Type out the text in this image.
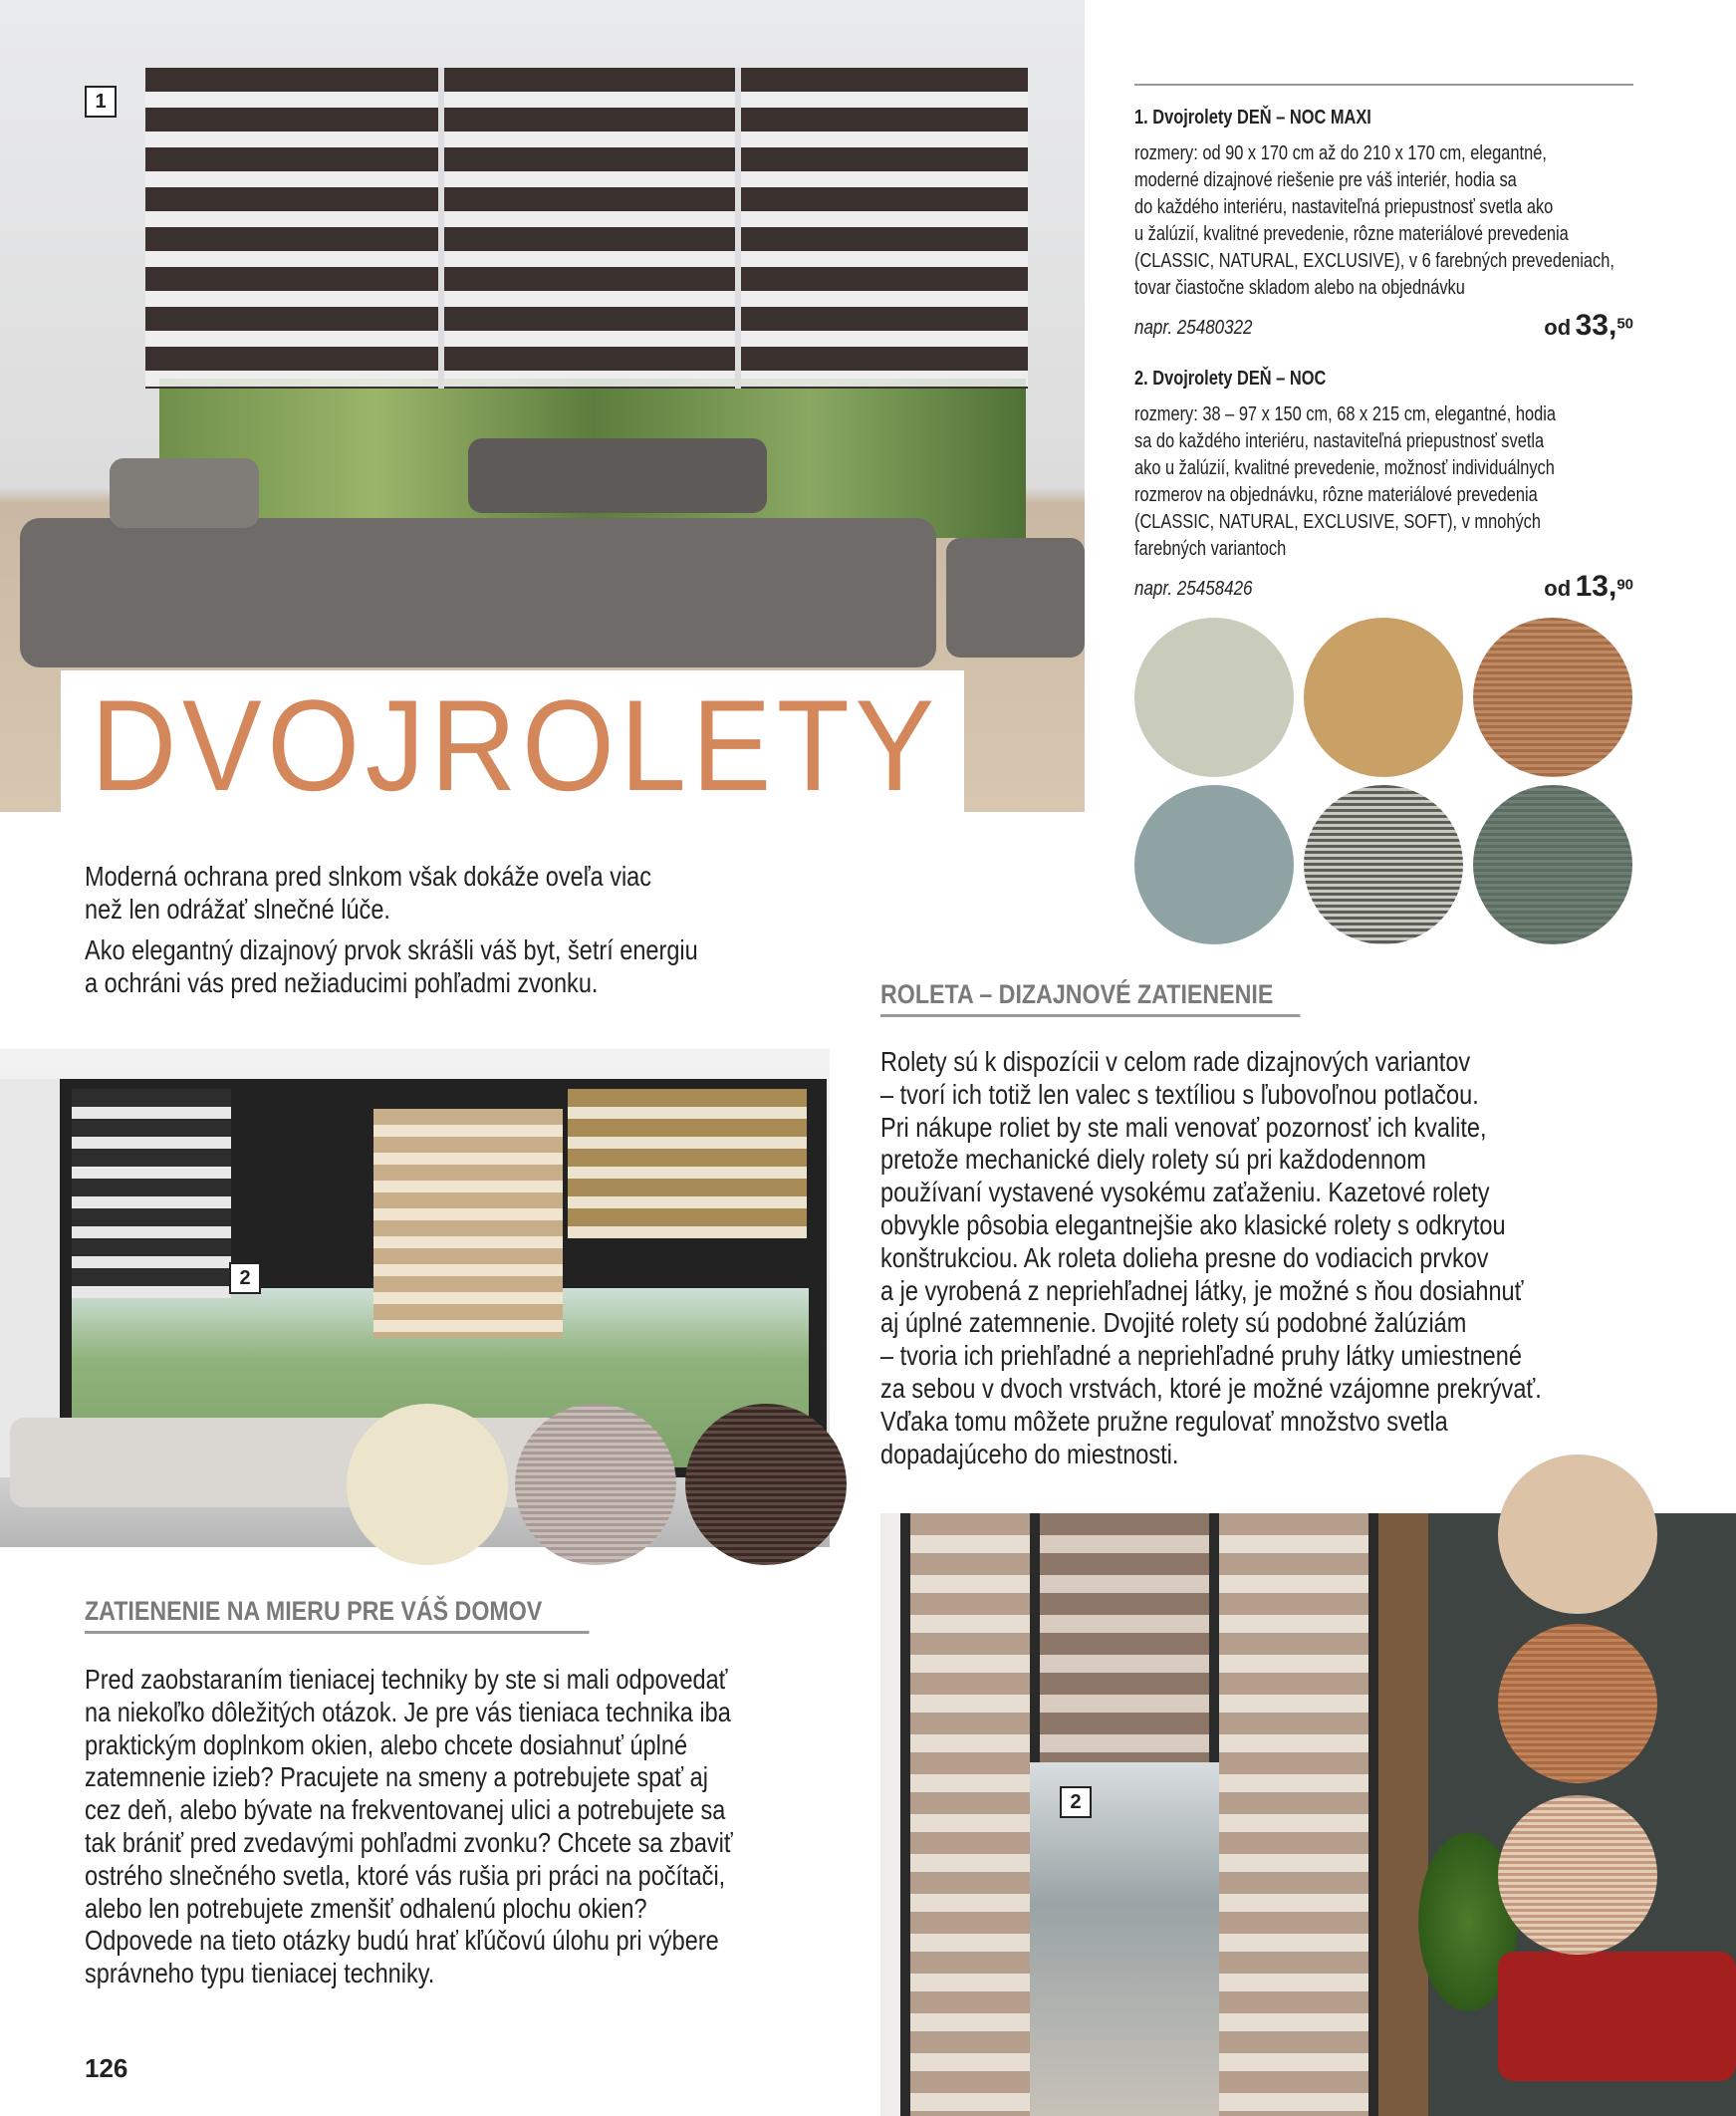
1
DVOJROLETY
1. Dvojrolety DEŇ – NOC MAXI
rozmery: od 90 x 170 cm až do 210 x 170 cm, elegantné,
moderné dizajnové riešenie pre váš interiér, hodia sa
do každého interiéru, nastaviteľná priepustnosť svetla ako
u žalúzií, kvalitné prevedenie, rôzne materiálové prevedenia
(CLASSIC, NATURAL, EXCLUSIVE), v 6 farebných prevedeniach,
tovar čiastočne skladom alebo na objednávku
napr. 25480322	od 33,50
2. Dvojrolety DEŇ – NOC
rozmery: 38 – 97 x 150 cm, 68 x 215 cm, elegantné, hodia
sa do každého interiéru, nastaviteľná priepustnosť svetla
ako u žalúzií, kvalitné prevedenie, možnosť individuálnych
rozmerov na objednávku, rôzne materiálové prevedenia
(CLASSIC, NATURAL, EXCLUSIVE, SOFT), v mnohých
farebných variantoch
napr. 25458426	od 13,90
Moderná ochrana pred slnkom však dokáže oveľa viac
než len odrážať slnečné lúče.
Ako elegantný dizajnový prvok skrášli váš byt, šetrí energiu
a ochráni vás pred nežiaducimi pohľadmi zvonku.
2
ZATIENENIE NA MIERU PRE VÁŠ DOMOV
Pred zaobstaraním tieniacej techniky by ste si mali odpovedať
na niekoľko dôležitých otázok. Je pre vás tieniaca technika iba
praktickým doplnkom okien, alebo chcete dosiahnuť úplné
zatemnenie izieb? Pracujete na smeny a potrebujete spať aj
cez deň, alebo bývate na frekventovanej ulici a potrebujete sa
tak brániť pred zvedavými pohľadmi zvonku? Chcete sa zbaviť
ostrého slnečného svetla, ktoré vás rušia pri práci na počítači,
alebo len potrebujete zmenšiť odhalenú plochu okien?
Odpovede na tieto otázky budú hrať kľúčovú úlohu pri výbere
správneho typu tieniacej techniky.
126
ROLETA – DIZAJNOVÉ ZATIENENIE
Rolety sú k dispozícii v celom rade dizajnových variantov
– tvorí ich totiž len valec s textíliou s ľubovoľnou potlačou.
Pri nákupe roliet by ste mali venovať pozornosť ich kvalite,
pretože mechanické diely rolety sú pri každodennom
používaní vystavené vysokému zaťaženiu. Kazetové rolety
obvykle pôsobia elegantnejšie ako klasické rolety s odkrytou
konštrukciou. Ak roleta dolieha presne do vodiacich prvkov
a je vyrobená z nepriehľadnej látky, je možné s ňou dosiahnuť
aj úplné zatemnenie. Dvojité rolety sú podobné žalúziám
– tvoria ich priehľadné a nepriehľadné pruhy látky umiestnené
za sebou v dvoch vrstvách, ktoré je možné vzájomne prekrývať.
Vďaka tomu môžete pružne regulovať množstvo svetla
dopadajúceho do miestnosti.
2
